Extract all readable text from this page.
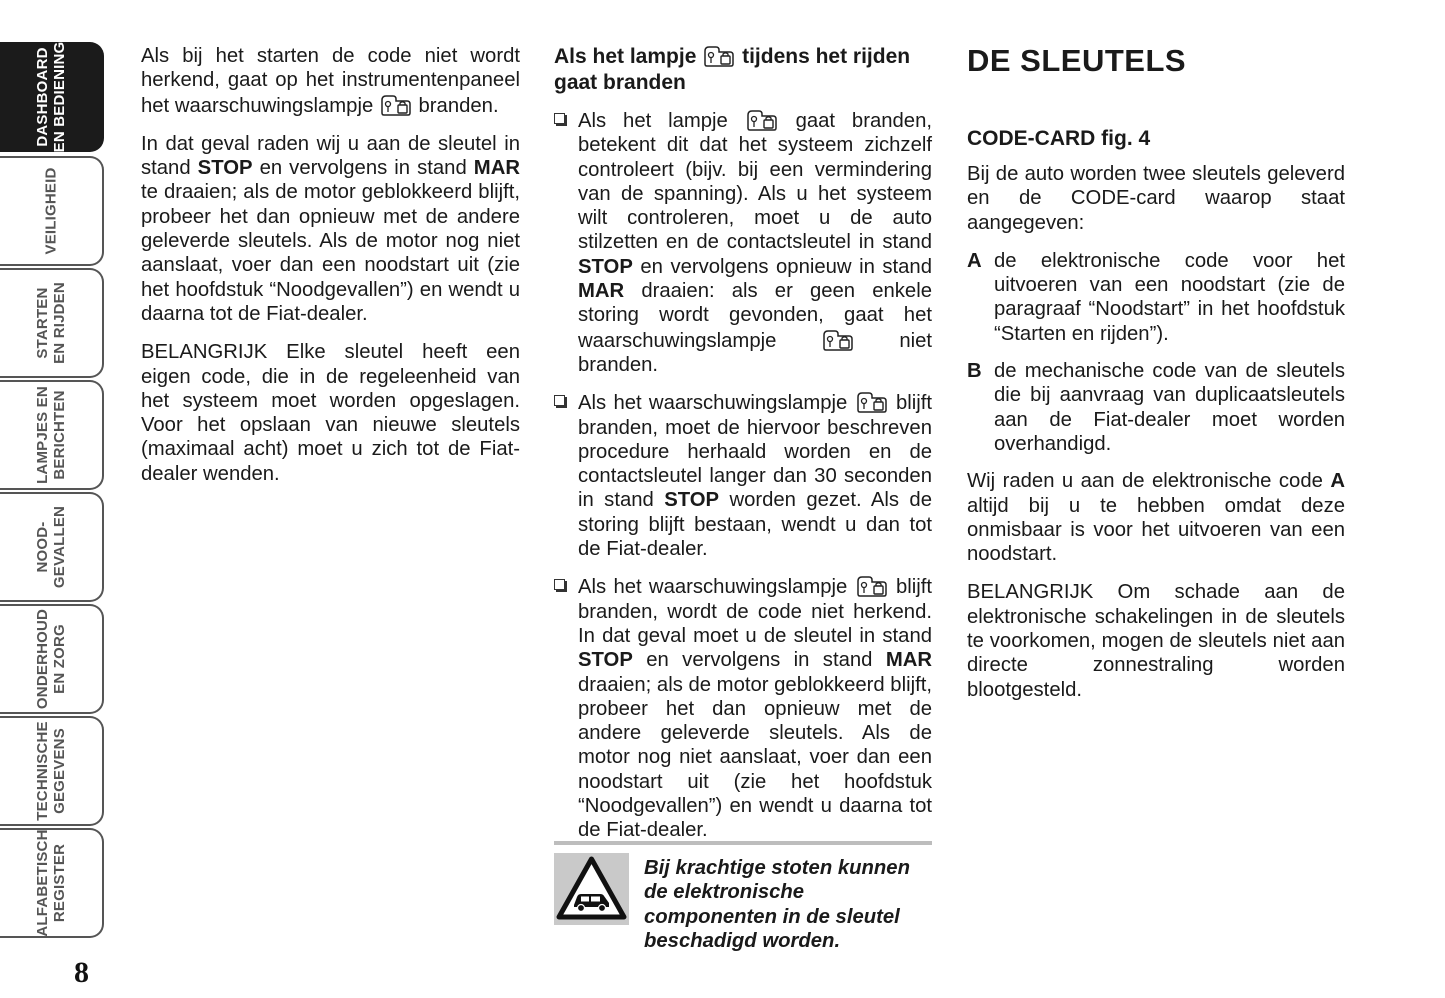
DASHBOARD EN BEDIENING
VEILIGHEID
STARTEN EN RIJDEN
LAMPJES EN BERICHTEN
NOOD- GEVALLEN
ONDERHOUD EN ZORG
TECHNISCHE GEGEVENS
ALFABETISCH REGISTER
8

Als bij het starten de code niet wordt herkend, gaat op het instrumentenpaneel het waarschuwingslampje branden.

In dat geval raden wij u aan de sleutel in stand STOP en vervolgens in stand MAR te draaien; als de motor geblokkeerd blijft, probeer het dan opnieuw met de andere geleverde sleutels. Als de motor nog niet aanslaat, voer dan een noodstart uit (zie het hoofdstuk “Noodgevallen”) en wendt u daarna tot de Fiat-dealer.

BELANGRIJK Elke sleutel heeft een eigen code, die in de regeleenheid van het systeem moet worden opgeslagen. Voor het opslaan van nieuwe sleutels (maximaal acht) moet u zich tot de Fiat-dealer wenden.

Als het lampje tijdens het rijden gaat branden
Als het lampje	gaat branden, betekent dit dat het systeem zichzelf controleert (bijv. bij een vermindering van de spanning). Als u het systeem wilt controleren, moet u de auto stilzetten en de contactsleutel in stand STOP en vervolgens opnieuw in stand MAR draaien: als er geen enkele storing wordt gevonden, gaat het waarschuwingslampje	niet branden.
Als het waarschuwingslampje blijft branden, moet de hiervoor beschreven procedure herhaald worden en de contactsleutel langer dan 30 seconden in stand STOP worden gezet. Als de storing blijft bestaan, wendt u dan tot de Fiat-dealer.
Als het waarschuwingslampje blijft branden, wordt de code niet herkend. In dat geval moet u de sleutel in stand STOP en vervolgens in stand MAR draaien; als de motor geblokkeerd blijft, probeer het dan opnieuw met de andere geleverde sleutels. Als de motor nog niet aanslaat, voer dan een noodstart uit (zie het hoofdstuk “Noodgevallen”) en wendt u daarna tot de Fiat-dealer.
Bij krachtige stoten kunnen de elektronische componenten in de sleutel beschadigd worden.
DE SLEUTELS
CODE-CARD fig. 4

Bij de auto worden twee sleutels geleverd en de CODE-card waarop staat aangegeven:

A de elektronische code voor het uitvoeren van een noodstart (zie de paragraaf “Noodstart” in het hoofdstuk “Starten en rijden”).
B de mechanische code van de sleutels die bij aanvraag van duplicaatsleutels aan de Fiat-dealer moet worden overhandigd.

Wij raden u aan de elektronische code A altijd bij u te hebben omdat deze onmisbaar is voor het uitvoeren van een noodstart.

BELANGRIJK Om schade aan de elektronische schakelingen in de sleutels te voorkomen, mogen de sleutels niet aan directe zonnestraling worden blootgesteld.
